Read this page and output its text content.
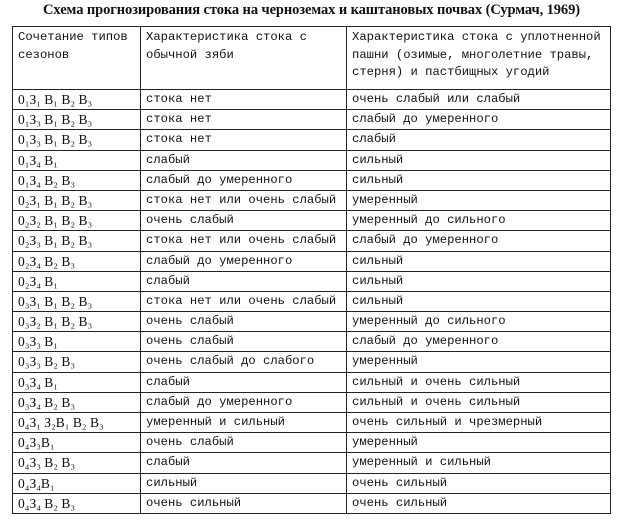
Схема прогнозирования стока на черноземах и каштановых почвах (Сурмач, 1969)
Сочетание типов сезонов	Характеристика стока с обычной зяби	Характеристика стока с уплотненной пашни (озимые, многолетние травы, стерня) и пастбищных угодий
0₁З₁ В₁ В₂ В₃	стока нет	очень слабый или слабый
0₁З₃ В₁ В₂ В₃	стока нет	слабый до умеренного
0₁З₃ В₁ В₂ В₃	стока нет	слабый
0₁З₄ В₁	слабый	сильный
0₁З₄ В₂ В₃	слабый до умеренного	сильный
0₂З₁ В₁ В₂ В₃	стока нет или очень слабый	умеренный
0₂З₂ В₁ В₂ В₃	очень слабый	умеренный до сильного
0₂З₃ В₁ В₂ В₃	стока нет или очень слабый	слабый до умеренного
0₂З₄ В₂ В₃	слабый до умеренного	сильный
0₂З₄ В₁	слабый	сильный
0₃З₁ В₁ В₂ В₃	стока нет или очень слабый	сильный
0₃З₂ В₁ В₂ В₃	очень слабый	умеренный до сильного
0₃З₃ В₁	очень слабый	слабый до умеренного
0₃З₃ В₂ В₃	очень слабый до слабого	умеренный
0₃З₄ В₁	слабый	сильный и очень сильный
0₃З₄ В₂ В₃	слабый до умеренного	сильный и очень сильный
0₄З₁ З₂В₁ В₂ В₃	умеренный и сильный	очень сильный и чрезмерный
0₄З₃В₁	очень слабый	умеренный
0₄З₃ В₂ В₃	слабый	умеренный и сильный
0₄З₄В₁	сильный	очень сильный
0₄З₄ В₂ В₃	очень сильный	очень сильный
